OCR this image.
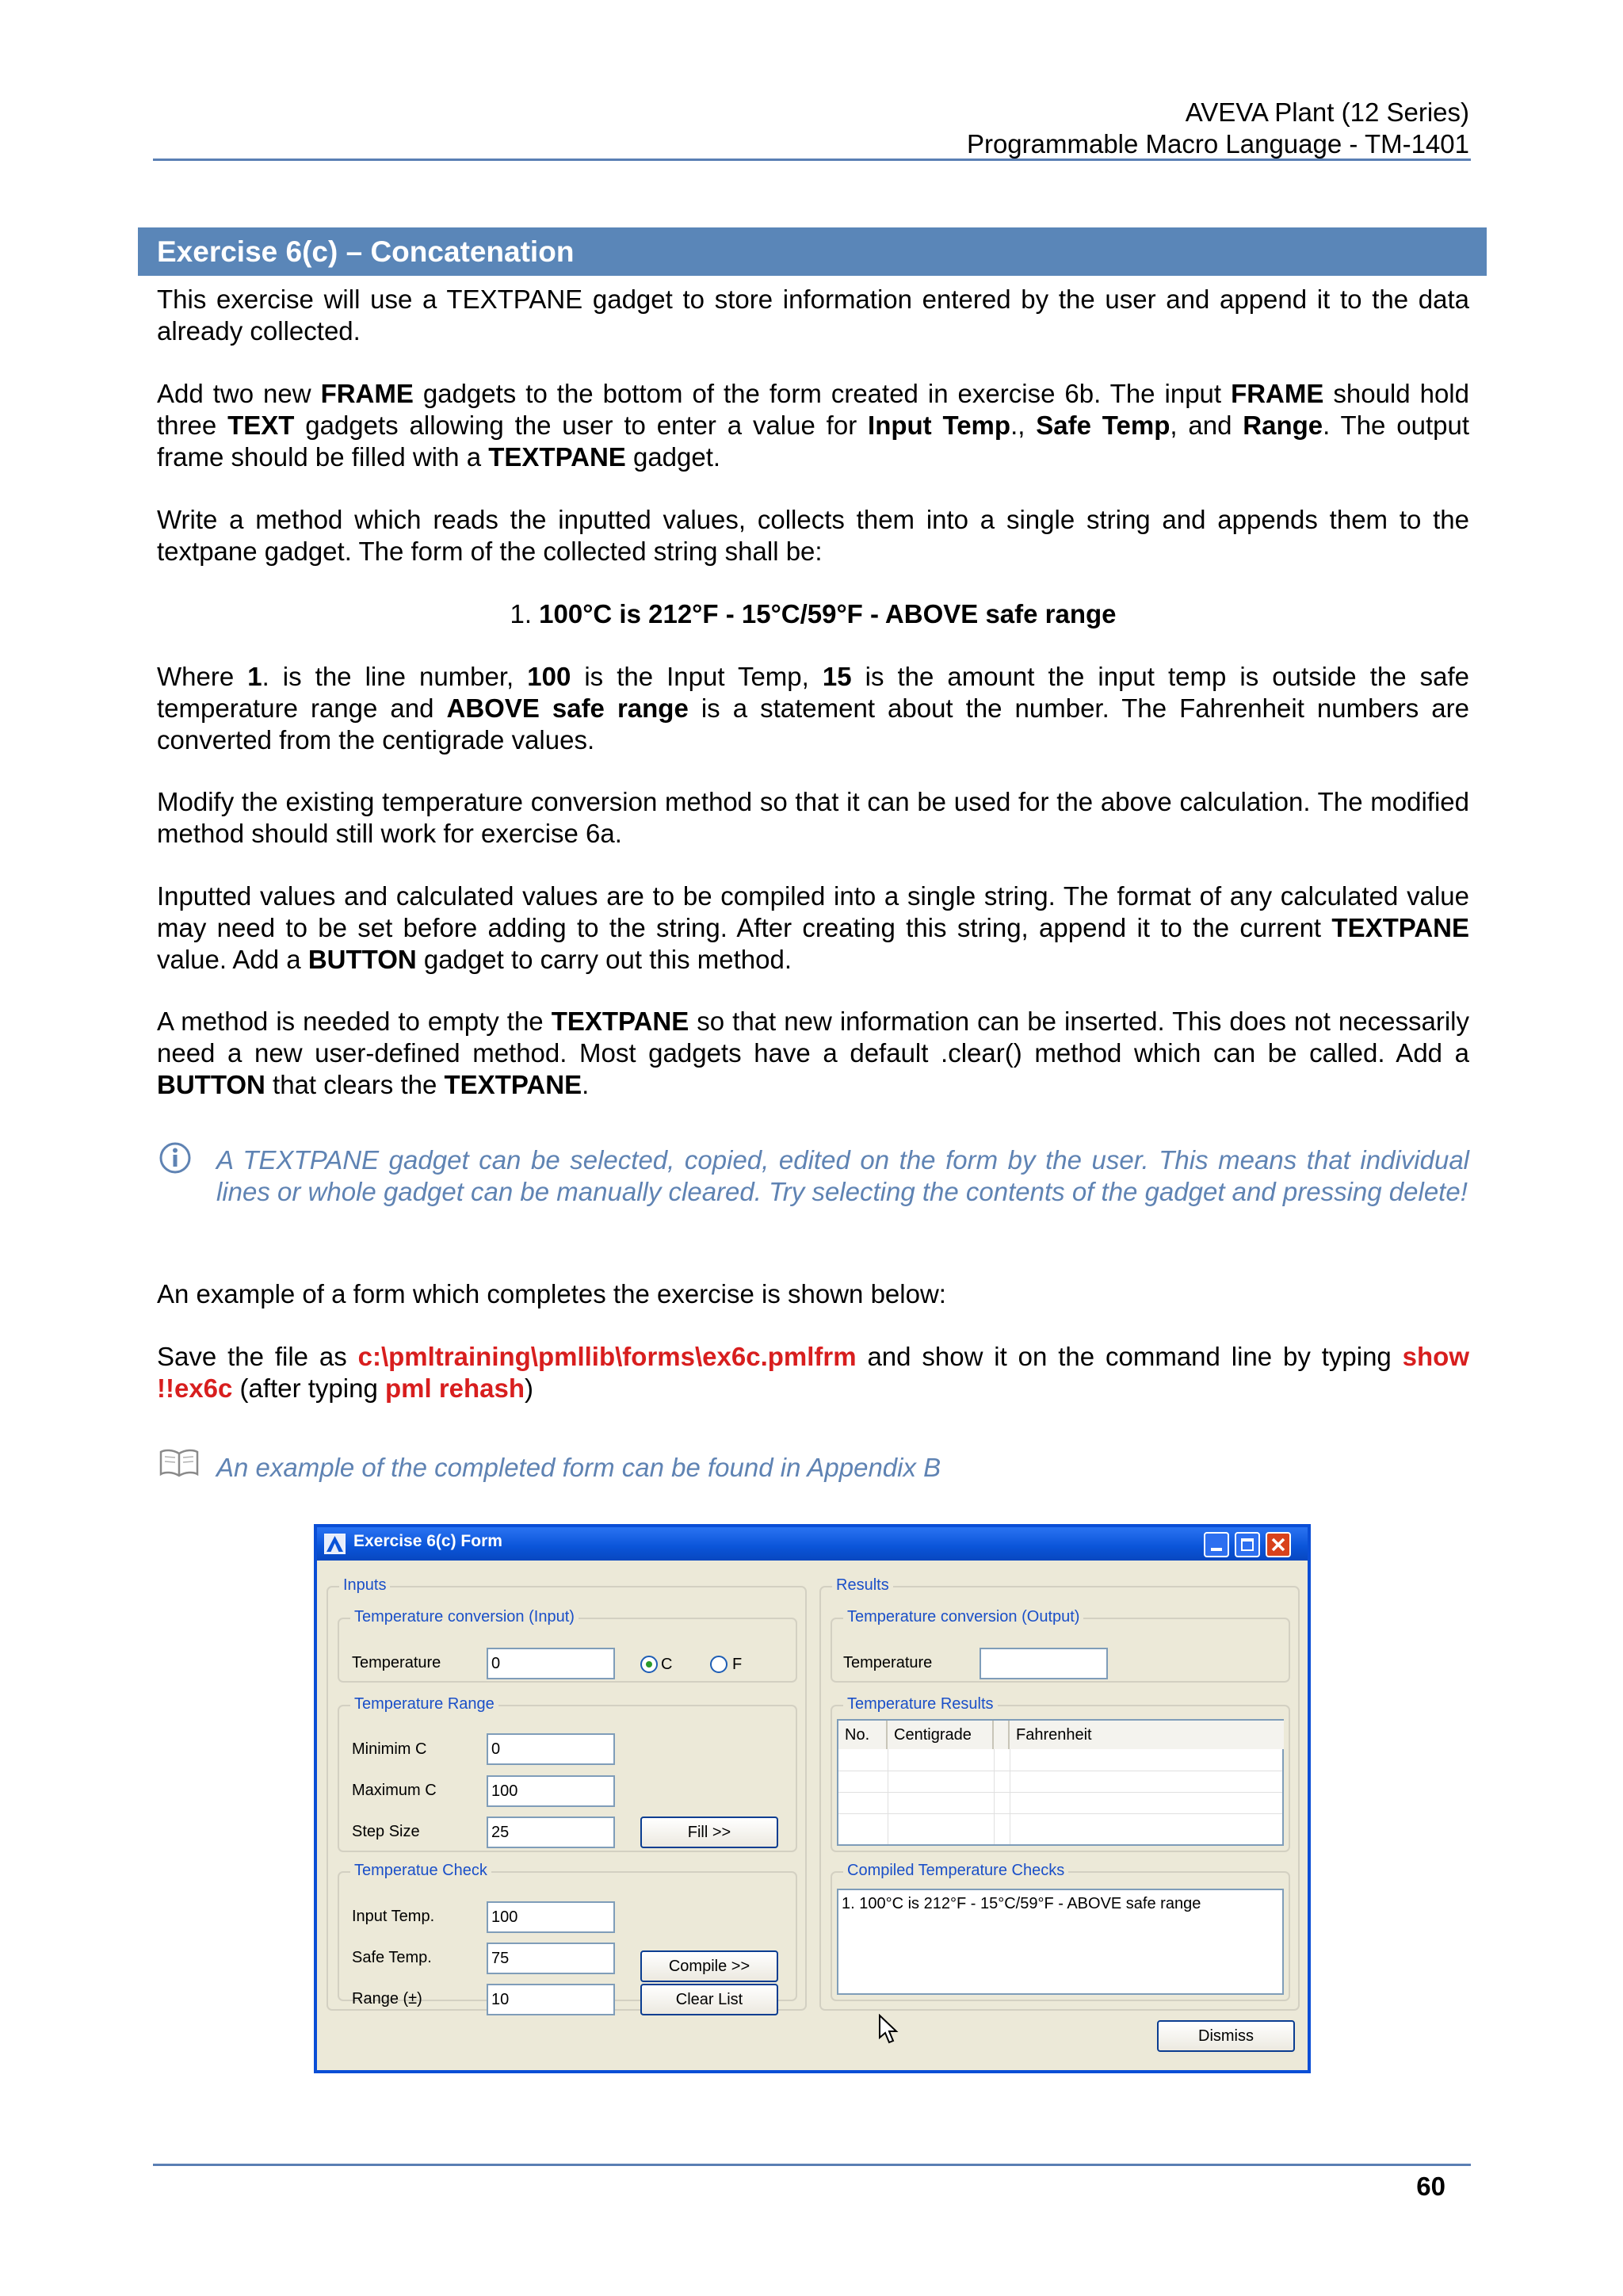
AVEVA Plant (12 Series)
Programmable Macro Language - TM-1401
Exercise 6(c) – Concatenation
This exercise will use a TEXTPANE gadget to store information entered by the user and append it to the data already collected.
Add two new FRAME gadgets to the bottom of the form created in exercise 6b. The input FRAME should hold three TEXT gadgets allowing the user to enter a value for Input Temp., Safe Temp, and Range. The output frame should be filled with a TEXTPANE gadget.
Write a method which reads the inputted values, collects them into a single string and appends them to the textpane gadget. The form of the collected string shall be:
1. 100°C is 212°F - 15°C/59°F - ABOVE safe range
Where 1. is the line number, 100 is the Input Temp, 15 is the amount the input temp is outside the safe temperature range and ABOVE safe range is a statement about the number. The Fahrenheit numbers are converted from the centigrade values.
Modify the existing temperature conversion method so that it can be used for the above calculation. The modified method should still work for exercise 6a.
Inputted values and calculated values are to be compiled into a single string. The format of any calculated value may need to be set before adding to the string. After creating this string, append it to the current TEXTPANE value. Add a BUTTON gadget to carry out this method.
A method is needed to empty the TEXTPANE so that new information can be inserted. This does not necessarily need a new user-defined method. Most gadgets have a default .clear() method which can be called. Add a BUTTON that clears the TEXTPANE.
A TEXTPANE gadget can be selected, copied, edited on the form by the user. This means that individual lines or whole gadget can be manually cleared. Try selecting the contents of the gadget and pressing delete!
An example of a form which completes the exercise is shown below:
Save the file as c:\pmltraining\pmllib\forms\ex6c.pmlfrm and show it on the command line by typing show !!ex6c (after typing pml rehash)
An example of the completed form can be found in Appendix B
Exercise 6(c) Form
Inputs
Temperature conversion (Input)
Temperature	0	C	F
Temperature Range
Minimim C	0
Maximum C	100
Step Size	25	Fill >>
Temperatue Check
Input Temp.	100
Safe Temp.	75
Range (±)	10
Compile >>
Clear List
Results
Temperature conversion (Output)
Temperature
Temperature Results
No.	Centigrade	Fahrenheit
Compiled Temperature Checks
1. 100°C is 212°F - 15°C/59°F - ABOVE safe range
Dismiss
60
